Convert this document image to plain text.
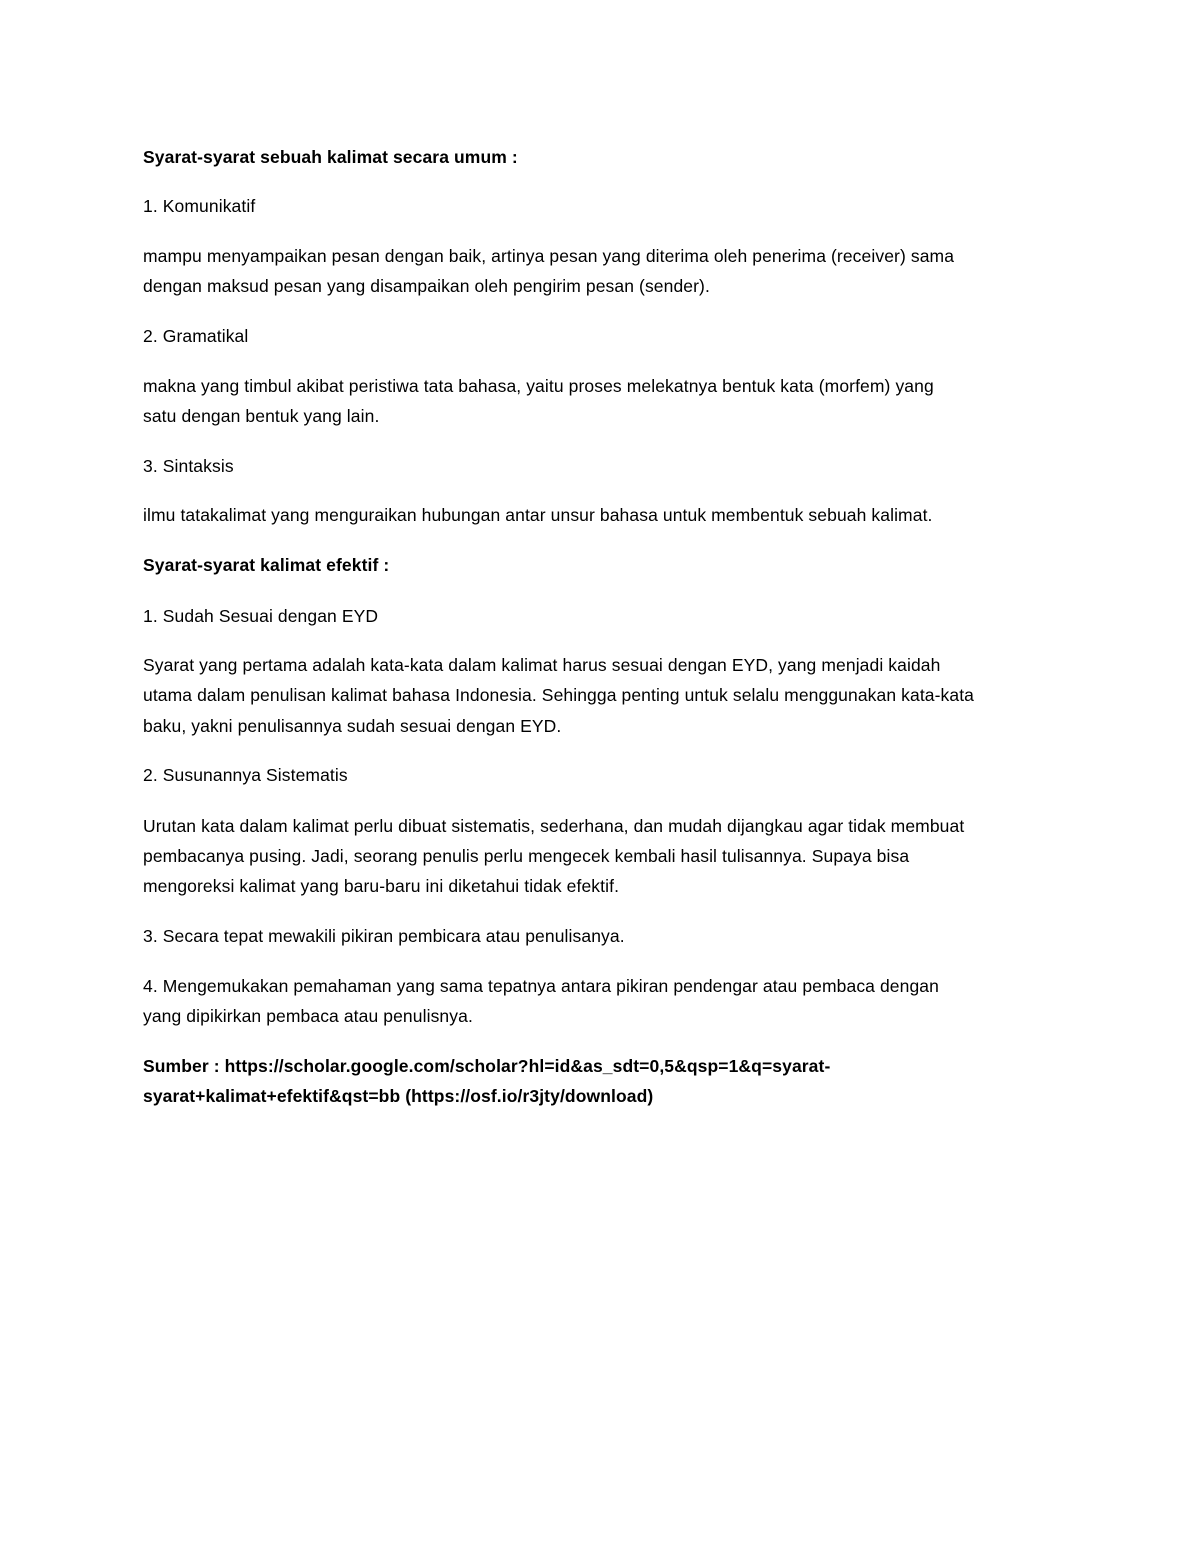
Syarat-syarat sebuah kalimat secara umum :
1. Komunikatif
mampu menyampaikan pesan dengan baik, artinya pesan yang diterima oleh penerima (receiver) sama
dengan maksud pesan yang disampaikan oleh pengirim pesan (sender).
2. Gramatikal
makna yang timbul akibat peristiwa tata bahasa, yaitu proses melekatnya bentuk kata (morfem) yang
satu dengan bentuk yang lain.
3. Sintaksis
ilmu tatakalimat yang menguraikan hubungan antar unsur bahasa untuk membentuk sebuah kalimat.
Syarat-syarat kalimat efektif :
1. Sudah Sesuai dengan EYD
Syarat yang pertama adalah kata-kata dalam kalimat harus sesuai dengan EYD, yang menjadi kaidah
utama dalam penulisan kalimat bahasa Indonesia. Sehingga penting untuk selalu menggunakan kata-kata
baku, yakni penulisannya sudah sesuai dengan EYD.
2. Susunannya Sistematis
Urutan kata dalam kalimat perlu dibuat sistematis, sederhana, dan mudah dijangkau agar tidak membuat
pembacanya pusing. Jadi, seorang penulis perlu mengecek kembali hasil tulisannya. Supaya bisa
mengoreksi kalimat yang baru-baru ini diketahui tidak efektif.
3. Secara tepat mewakili pikiran pembicara atau penulisanya.
4. Mengemukakan pemahaman yang sama tepatnya antara pikiran pendengar atau pembaca dengan
yang dipikirkan pembaca atau penulisnya.
Sumber : https://scholar.google.com/scholar?hl=id&as_sdt=0,5&qsp=1&q=syarat-
syarat+kalimat+efektif&qst=bb (https://osf.io/r3jty/download)
